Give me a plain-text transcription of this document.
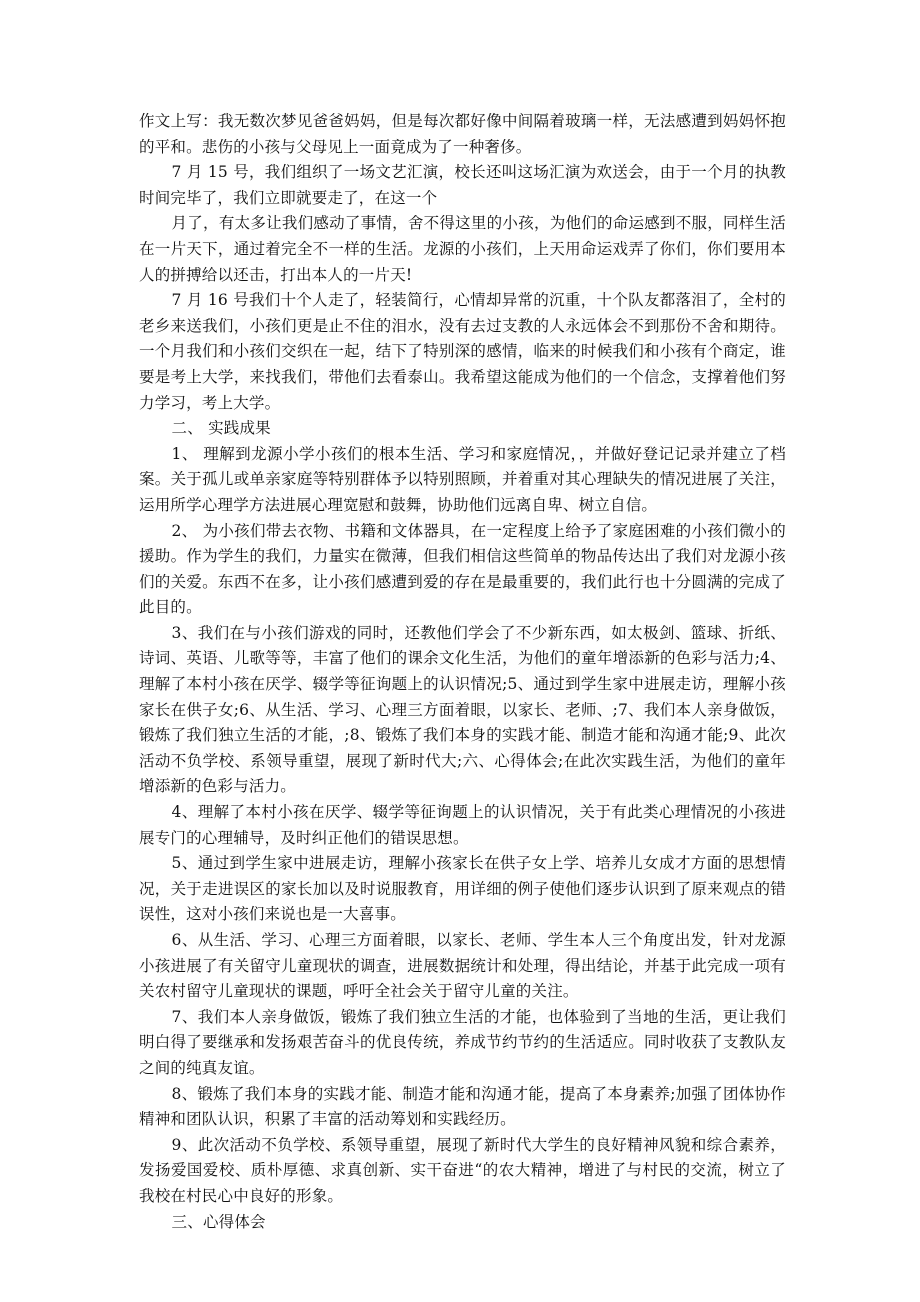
作文上写：我无数次梦见爸爸妈妈，但是每次都好像中间隔着玻璃一样，无法感遭到妈妈怀抱的平和。悲伤的小孩与父母见上一面竟成为了一种奢侈。

7 月 15 号，我们组织了一场文艺汇演，校长还叫这场汇演为欢送会，由于一个月的执教时间完毕了，我们立即就要走了，在这一个

月了，有太多让我们感动了事情，舍不得这里的小孩，为他们的命运感到不服，同样生活在一片天下，通过着完全不一样的生活。龙源的小孩们，上天用命运戏弄了你们，你们要用本人的拼搏给以还击，打出本人的一片天!

7 月 16 号我们十个人走了，轻装简行，心情却异常的沉重，十个队友都落泪了，全村的老乡来送我们，小孩们更是止不住的泪水，没有去过支教的人永远体会不到那份不舍和期待。一个月我们和小孩们交织在一起，结下了特别深的感情，临来的时候我们和小孩有个商定，谁要是考上大学，来找我们，带他们去看泰山。我希望这能成为他们的一个信念，支撑着他们努力学习，考上大学。

二、 实践成果

1、 理解到龙源小学小孩们的根本生活、学习和家庭情况，，并做好登记记录并建立了档案。关于孤儿或单亲家庭等特别群体予以特别照顾，并着重对其心理缺失的情况进展了关注，运用所学心理学方法进展心理宽慰和鼓舞，协助他们远离自卑、树立自信。

2、 为小孩们带去衣物、书籍和文体器具，在一定程度上给予了家庭困难的小孩们微小的援助。作为学生的我们，力量实在微薄，但我们相信这些简单的物品传达出了我们对龙源小孩们的关爱。东西不在多，让小孩们感遭到爱的存在是最重要的，我们此行也十分圆满的完成了此目的。

3、我们在与小孩们游戏的同时，还教他们学会了不少新东西，如太极剑、篮球、折纸、诗词、英语、儿歌等等，丰富了他们的课余文化生活，为他们的童年增添新的色彩与活力;4、理解了本村小孩在厌学、辍学等征询题上的认识情况;5、通过到学生家中进展走访，理解小孩家长在供子女;6、从生活、学习、心理三方面着眼，以家长、老师、;7、我们本人亲身做饭，锻炼了我们独立生活的才能，;8、锻炼了我们本身的实践才能、制造才能和沟通才能;9、此次活动不负学校、系领导重望，展现了新时代大;六、心得体会;在此次实践生活，为他们的童年增添新的色彩与活力。

4、理解了本村小孩在厌学、辍学等征询题上的认识情况，关于有此类心理情况的小孩进展专门的心理辅导，及时纠正他们的错误思想。

5、通过到学生家中进展走访，理解小孩家长在供子女上学、培养儿女成才方面的思想情况，关于走进误区的家长加以及时说服教育，用详细的例子使他们逐步认识到了原来观点的错误性，这对小孩们来说也是一大喜事。

6、从生活、学习、心理三方面着眼，以家长、老师、学生本人三个角度出发，针对龙源小孩进展了有关留守儿童现状的调查，进展数据统计和处理，得出结论，并基于此完成一项有关农村留守儿童现状的课题，呼吁全社会关于留守儿童的关注。

7、我们本人亲身做饭，锻炼了我们独立生活的才能，也体验到了当地的生活，更让我们明白得了要继承和发扬艰苦奋斗的优良传统，养成节约节约的生活适应。同时收获了支教队友之间的纯真友谊。

8、锻炼了我们本身的实践才能、制造才能和沟通才能，提高了本身素养;加强了团体协作精神和团队认识，积累了丰富的活动筹划和实践经历。

9、此次活动不负学校、系领导重望，展现了新时代大学生的良好精神风貌和综合素养，发扬爱国爱校、质朴厚德、求真创新、实干奋进“的农大精神，增进了与村民的交流，树立了我校在村民心中良好的形象。

三、心得体会
